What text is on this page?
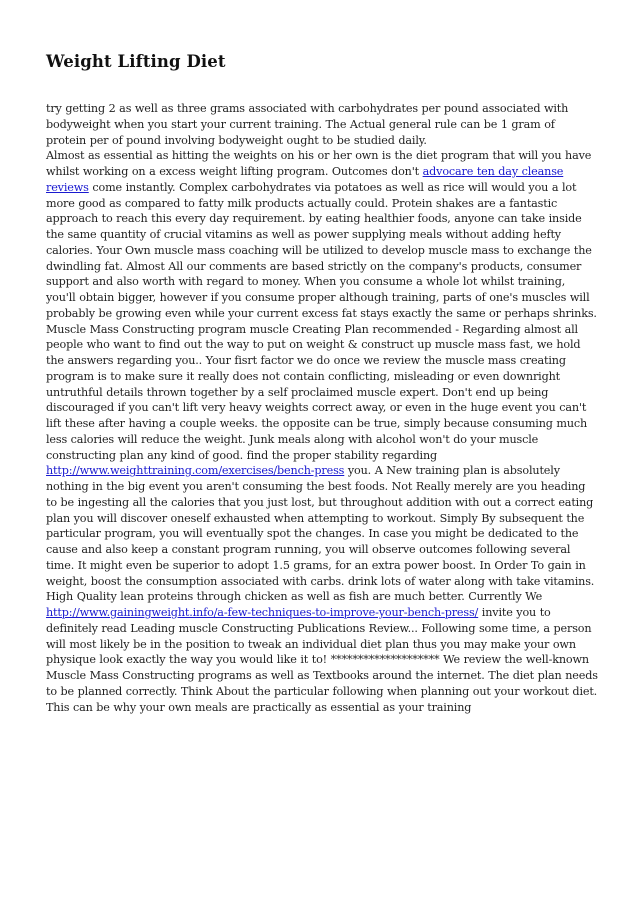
Weight Lifting Diet

try getting 2 as well as three grams associated with carbohydrates per pound associated with bodyweight when you start your current training. The Actual general rule can be 1 gram of protein per of pound involving bodyweight ought to be studied daily.
Almost as essential as hitting the weights on his or her own is the diet program that will you have whilst working on a excess weight lifting program. Outcomes don't advocare ten day cleanse reviews come instantly. Complex carbohydrates via potatoes as well as rice will would you a lot more good as compared to fatty milk products actually could. Protein shakes are a fantastic approach to reach this every day requirement. by eating healthier foods, anyone can take inside the same quantity of crucial vitamins as well as power supplying meals without adding hefty calories. Your Own muscle mass coaching will be utilized to develop muscle mass to exchange the dwindling fat. Almost All our comments are based strictly on the company's products, consumer support and also worth with regard to money. When you consume a whole lot whilst training, you'll obtain bigger, however if you consume proper although training, parts of one's muscles will probably be growing even while your current excess fat stays exactly the same or perhaps shrinks. Muscle Mass Constructing program muscle Creating Plan recommended - Regarding almost all people who want to find out the way to put on weight & construct up muscle mass fast, we hold the answers regarding you.. Your fisrt factor we do once we review the muscle mass creating program is to make sure it really does not contain conflicting, misleading or even downright untruthful details thrown together by a self proclaimed muscle expert. Don't end up being discouraged if you can't lift very heavy weights correct away, or even in the huge event you can't lift these after having a couple weeks. the opposite can be true, simply because consuming much less calories will reduce the weight. Junk meals along with alcohol won't do your muscle constructing plan any kind of good. find the proper stability regarding http://www.weighttraining.com/exercises/bench-press you. A New training plan is absolutely nothing in the big event you aren't consuming the best foods. Not Really merely are you heading to be ingesting all the calories that you just lost, but throughout addition with out a correct eating plan you will discover oneself exhausted when attempting to workout. Simply By subsequent the particular program, you will eventually spot the changes. In case you might be dedicated to the cause and also keep a constant program running, you will observe outcomes following several time. It might even be superior to adopt 1.5 grams, for an extra power boost. In Order To gain in weight, boost the consumption associated with carbs. drink lots of water along with take vitamins. High Quality lean proteins through chicken as well as fish are much better. Currently We http://www.gainingweight.info/a-few-techniques-to-improve-your-bench-press/ invite you to definitely read Leading muscle Constructing Publications Review... Following some time, a person will most likely be in the position to tweak an individual diet plan thus you may make your own physique look exactly the way you would like it to! ******************** We review the well-known Muscle Mass Constructing programs as well as Textbooks around the internet. The diet plan needs to be planned correctly. Think About the particular following when planning out your workout diet. This can be why your own meals are practically as essential as your training
